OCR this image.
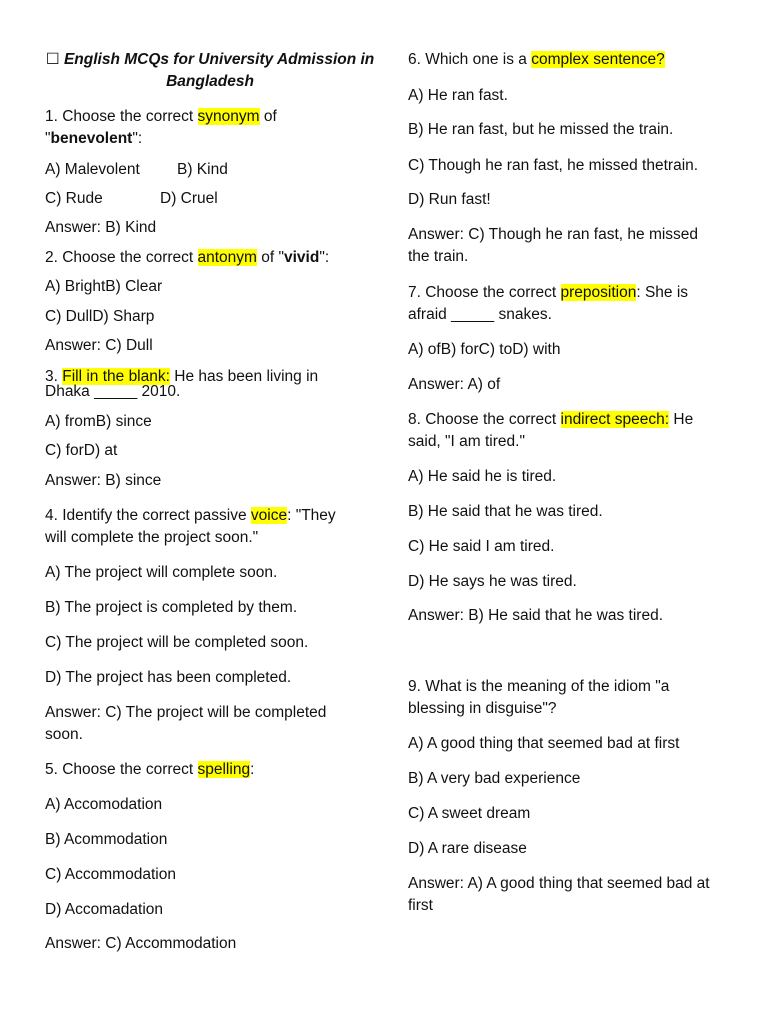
☐ English MCQs for University Admission in
Bangladesh
1. Choose the correct synonym of
"benevolent":
A) Malevolent B) Kind
C) Rude	D) Cruel
Answer: B) Kind
2. Choose the correct antonym of "vivid":
A) BrightB) Clear
C) DullD) Sharp
Answer: C) Dull
3. Fill in the blank: He has been living in
Dhaka _____ 2010.
A) fromB) since
C) forD) at
Answer: B) since
4. Identify the correct passive voice: "They
will complete the project soon."
A) The project will complete soon.
B) The project is completed by them.
C) The project will be completed soon.
D) The project has been completed.
Answer: C) The project will be completed
soon.
5. Choose the correct spelling:
A) Accomodation
B) Acommodation
C) Accommodation
D) Accomadation
Answer: C) Accommodation
6. Which one is a complex sentence?
A) He ran fast.
B) He ran fast, but he missed the train.
C) Though he ran fast, he missed thetrain.
D) Run fast!
Answer: C) Though he ran fast, he missed
the train.
7. Choose the correct preposition: She is
afraid _____ snakes.
A) ofB) forC) toD) with
Answer: A) of
8. Choose the correct indirect speech: He
said, "I am tired."
A) He said he is tired.
B) He said that he was tired.
C) He said I am tired.
D) He says he was tired.
Answer: B) He said that he was tired.
9. What is the meaning of the idiom "a
blessing in disguise"?
A) A good thing that seemed bad at first
B) A very bad experience
C) A sweet dream
D) A rare disease
Answer: A) A good thing that seemed bad at
first
